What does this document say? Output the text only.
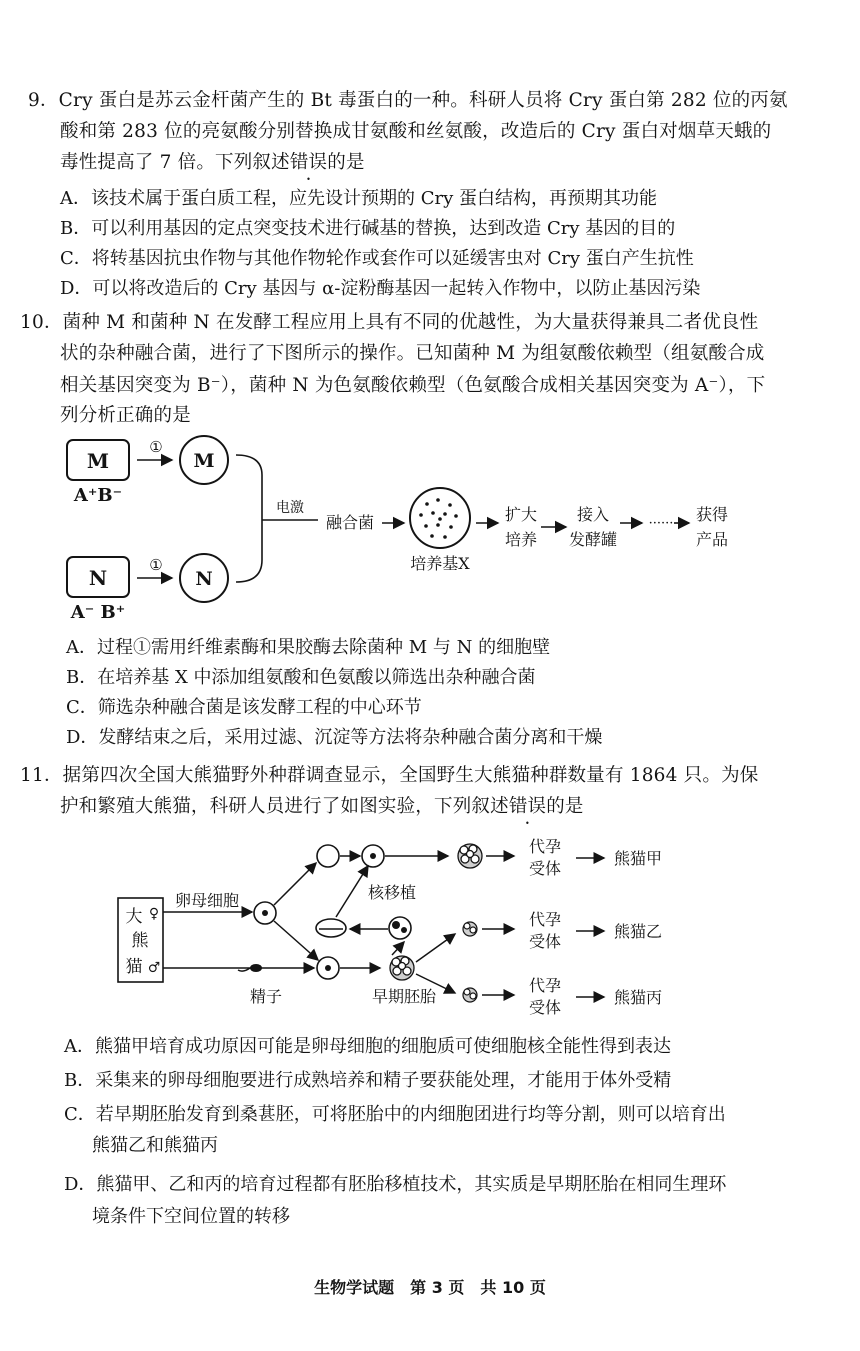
9．Cry 蛋白是苏云金杆菌产生的 Bt 毒蛋白的一种。科研人员将 Cry 蛋白第 282 位的丙氨
酸和第 283 位的亮氨酸分别替换成甘氨酸和丝氨酸，改造后的 Cry 蛋白对烟草天蛾的
毒性提高了 7 倍。下列叙述错误的是
A．该技术属于蛋白质工程，应先设计预期的 Cry 蛋白结构，再预期其功能
B．可以利用基因的定点突变技术进行碱基的替换，达到改造 Cry 基因的目的
C．将转基因抗虫作物与其他作物轮作或套作可以延缓害虫对 Cry 蛋白产生抗性
D．可以将改造后的 Cry 基因与 α-淀粉酶基因一起转入作物中，以防止基因污染
10．菌种 M 和菌种 N 在发酵工程应用上具有不同的优越性，为大量获得兼具二者优良性
状的杂种融合菌，进行了下图所示的操作。已知菌种 M 为组氨酸依赖型（组氨酸合成
相关基因突变为 B⁻），菌种 N 为色氨酸依赖型（色氨酸合成相关基因突变为 A⁻），下
列分析正确的是
M
A⁺B⁻
①
M
N
A⁻ B⁺
①
N
电激
融合菌
培养基X
扩大
培养
接入
发酵罐
······ 获得
产品
A．过程①需用纤维素酶和果胶酶去除菌种 M 与 N 的细胞壁
B．在培养基 X 中添加组氨酸和色氨酸以筛选出杂种融合菌
C．筛选杂种融合菌是该发酵工程的中心环节
D．发酵结束之后，采用过滤、沉淀等方法将杂种融合菌分离和干燥
11．据第四次全国大熊猫野外种群调查显示，全国野生大熊猫种群数量有 1864 只。为保
护和繁殖大熊猫，科研人员进行了如图实验，下列叙述错误的是
大 ♀
熊
猫 ♂
卵母细胞
精子
核移植
早期胚胎
代孕
受体
熊猫甲
代孕
受体
熊猫乙
代孕
受体
熊猫丙
A．熊猫甲培育成功原因可能是卵母细胞的细胞质可使细胞核全能性得到表达
B．采集来的卵母细胞要进行成熟培养和精子要获能处理，才能用于体外受精
C．若早期胚胎发育到桑葚胚，可将胚胎中的内细胞团进行均等分割，则可以培育出
熊猫乙和熊猫丙
D．熊猫甲、乙和丙的培育过程都有胚胎移植技术，其实质是早期胚胎在相同生理环
境条件下空间位置的转移
生物学试题　第 3 页　共 10 页
